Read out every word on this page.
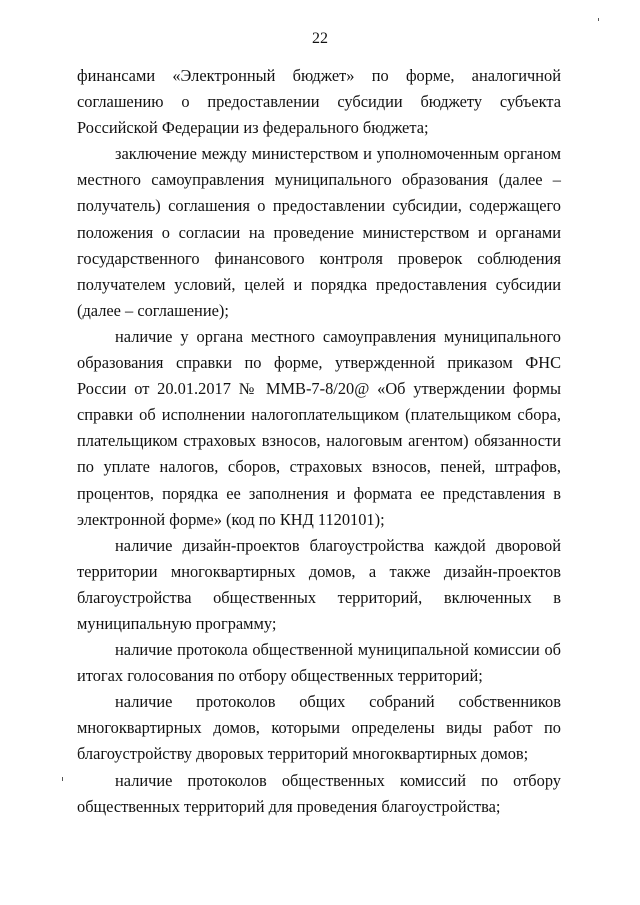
22

финансами «Электронный бюджет» по форме, аналогичной соглашению о предоставлении субсидии бюджету субъекта Российской Федерации из федерального бюджета;

заключение между министерством и уполномоченным органом местного самоуправления муниципального образования (далее – получатель) соглашения о предоставлении субсидии, содержащего положения о согласии на проведение министерством и органами государственного финансового контроля проверок соблюдения получателем условий, целей и порядка предоставления субсидии (далее – соглашение);

наличие у органа местного самоуправления муниципального образования справки по форме, утвержденной приказом ФНС России от 20.01.2017 № ММВ-7-8/20@ «Об утверждении формы справки об исполнении налогоплательщиком (плательщиком сбора, плательщиком страховых взносов, налоговым агентом) обязанности по уплате налогов, сборов, страховых взносов, пеней, штрафов, процентов, порядка ее заполнения и формата ее представления в электронной форме» (код по КНД 1120101);

наличие дизайн-проектов благоустройства каждой дворовой территории многоквартирных домов, а также дизайн-проектов благоустройства общественных территорий, включенных в муниципальную программу;

наличие протокола общественной муниципальной комиссии об итогах голосования по отбору общественных территорий;

наличие протоколов общих собраний собственников многоквартирных домов, которыми определены виды работ по благоустройству дворовых территорий многоквартирных домов;

наличие протоколов общественных комиссий по отбору общественных территорий для проведения благоустройства;
